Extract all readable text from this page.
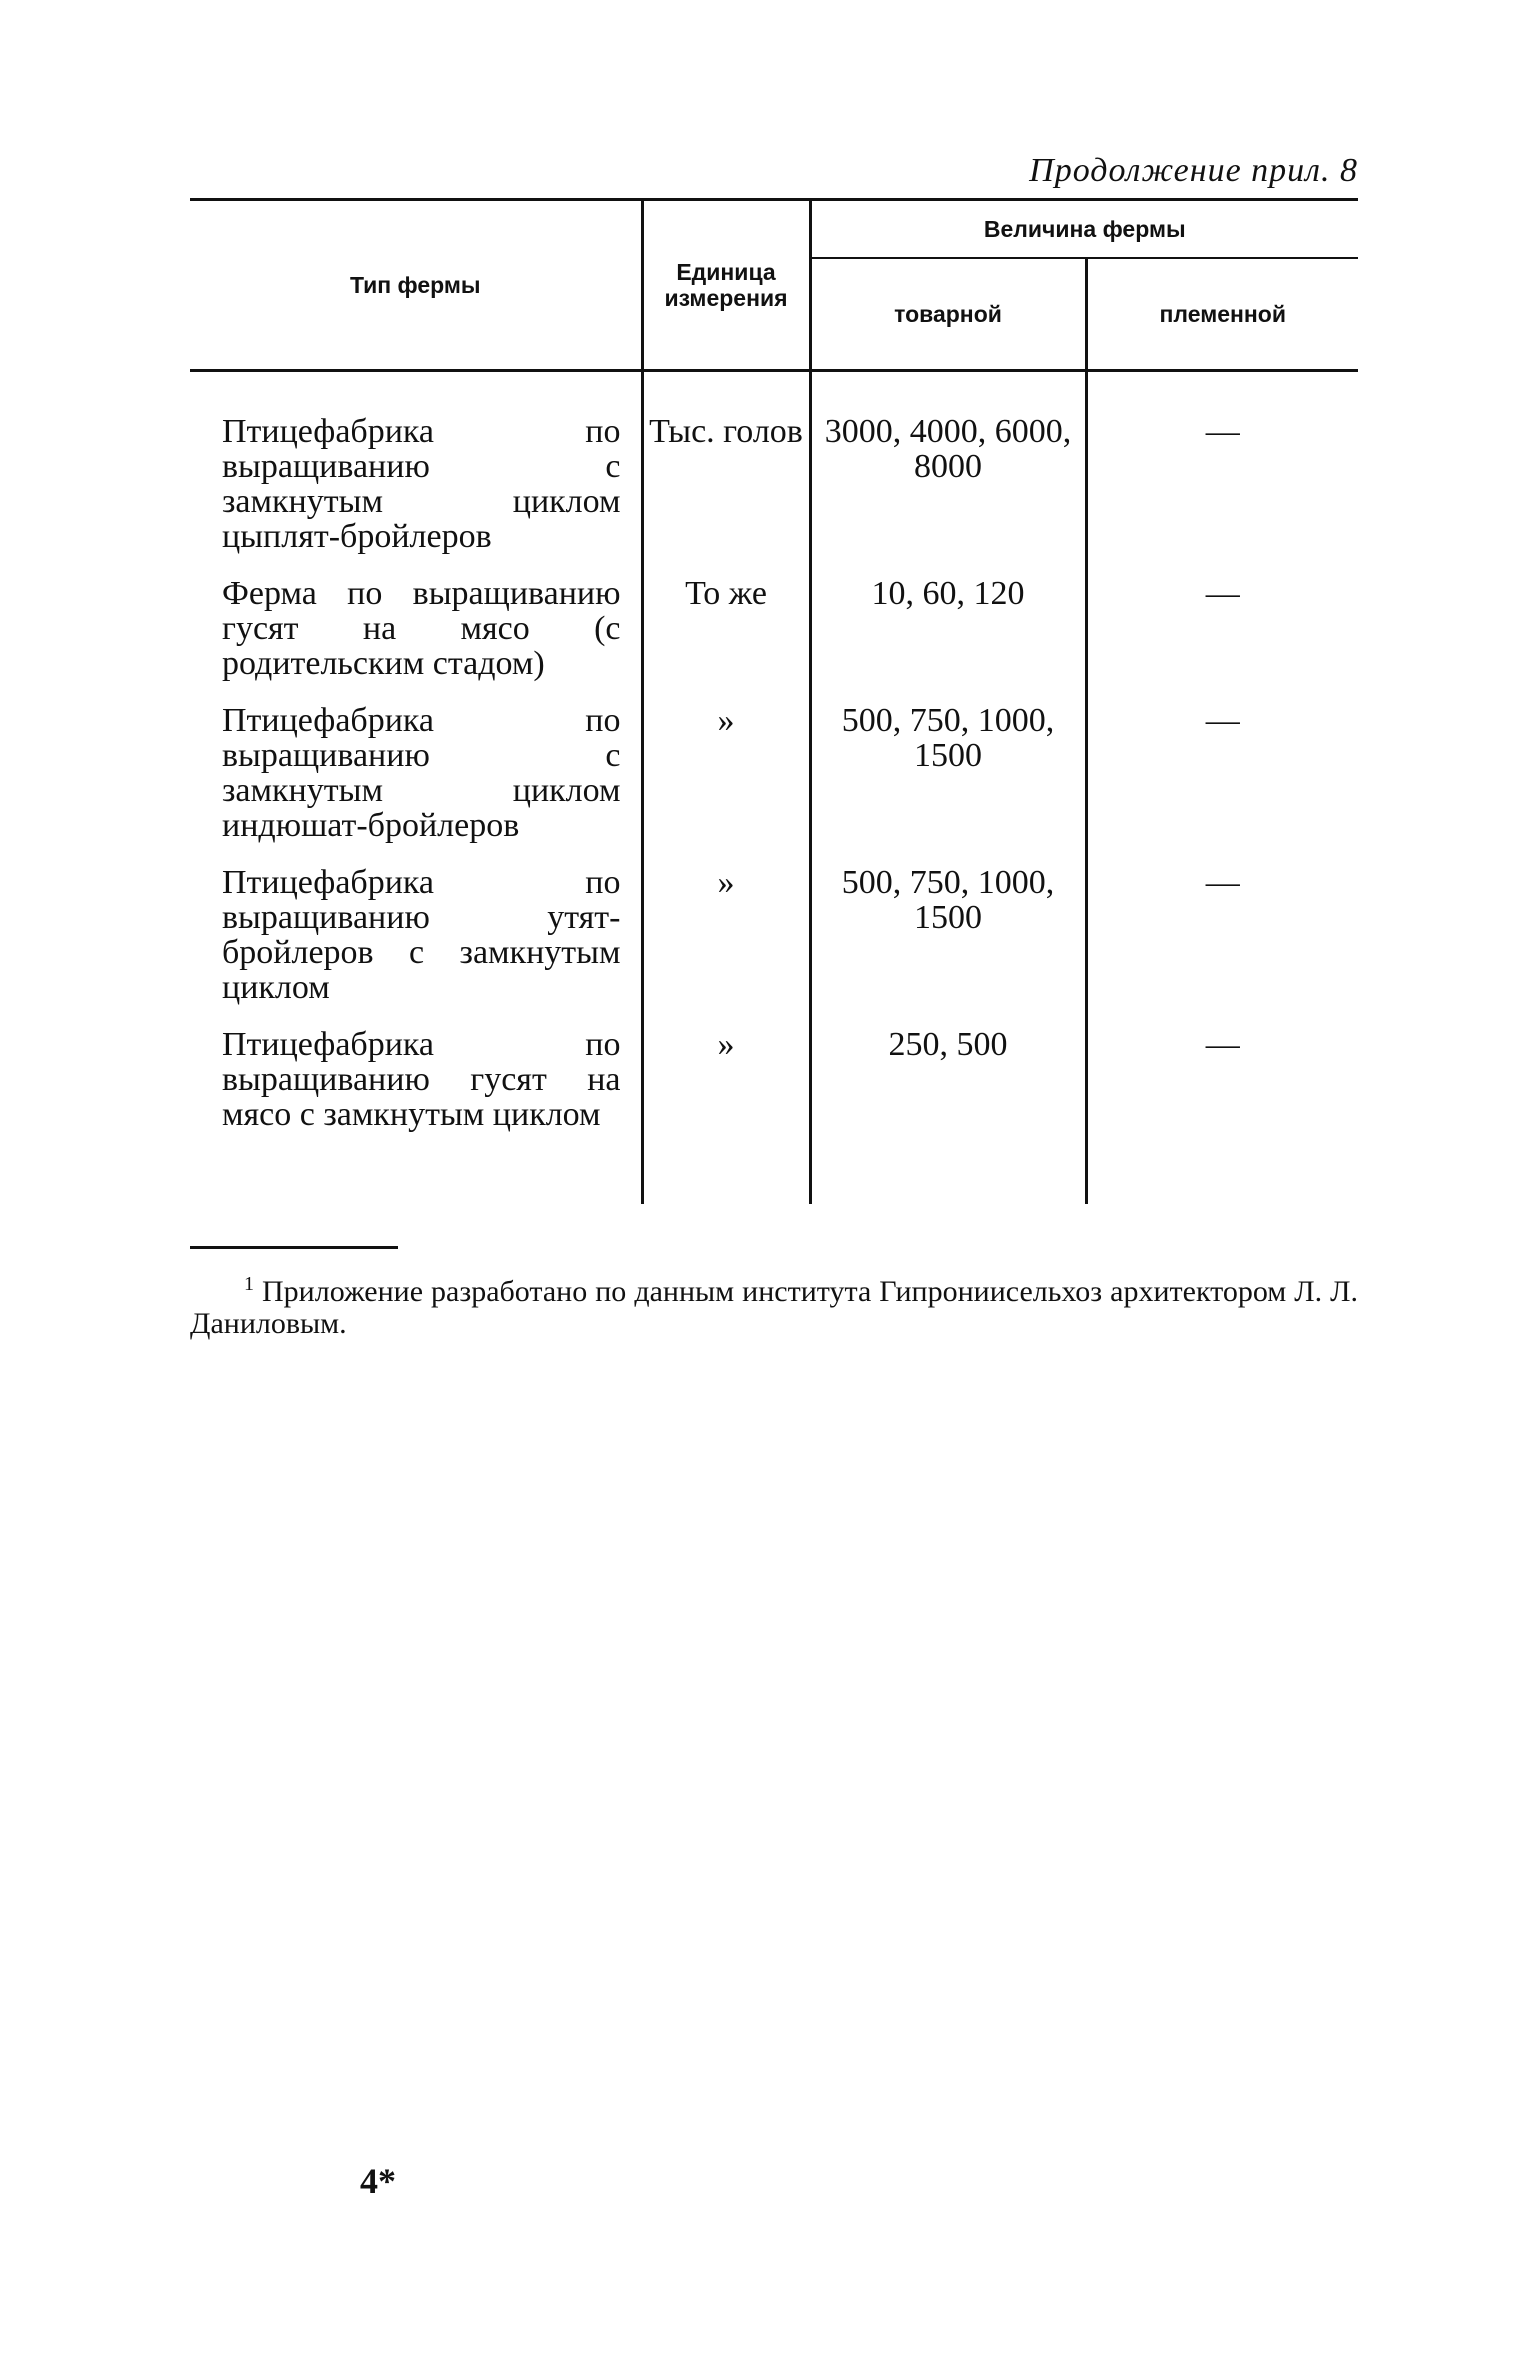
Продолжение прил. 8
Тип фермы	Единица измерения	Величина фермы	
		товарной	племенной

Птицефабрика по выращиванию с замкнутым циклом цыплят-бройлеров	Тыс. голов	3000, 4000, 6000, 8000	—
Ферма по выращиванию гусят на мясо (с родительским стадом)	То же	10, 60, 120	—
Птицефабрика по выращиванию с замкнутым циклом индюшат-бройлеров	»	500, 750, 1000, 1500	—
Птицефабрика по выращиванию утят-бройлеров с замкнутым циклом	»	500, 750, 1000, 1500	—
Птицефабрика по выращиванию гусят на мясо с замкнутым циклом	»	250, 500	—

$^1$ Приложение разработано по данным института Гипрониисельхоз архитектором Л. Л. Даниловым.
4*
